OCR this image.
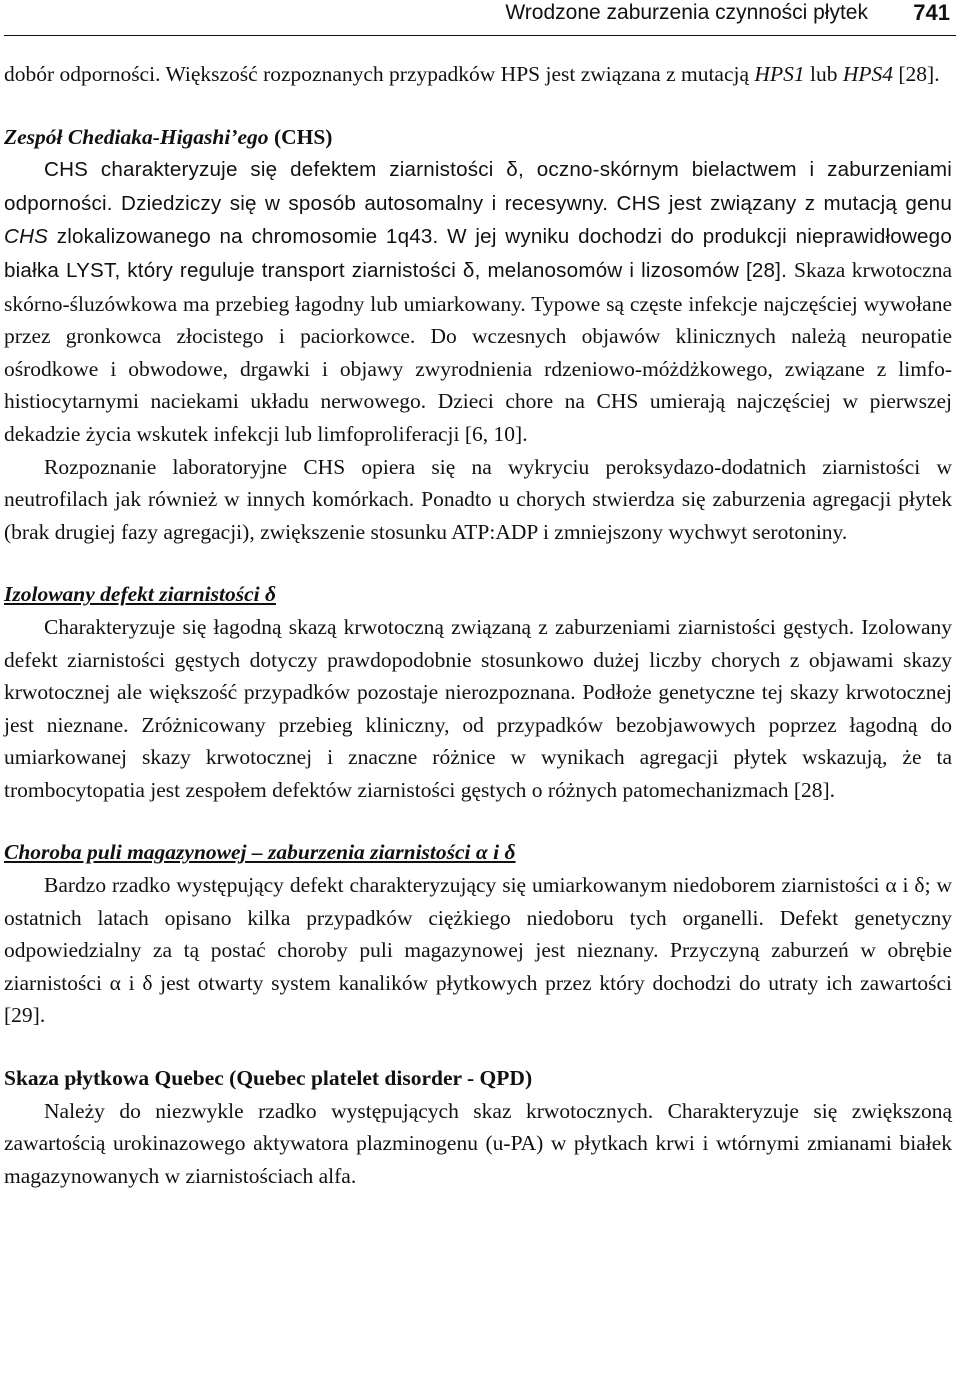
Wrodzone zaburzenia czynności płytek 741

dobór odporności. Większość rozpoznanych przypadków HPS jest związana z mutacją HPS1 lub HPS4 [28].

Zespół Chediaka-Higashi’ego (CHS)

CHS charakteryzuje się defektem ziarnistości δ, oczno-skórnym bielactwem i zaburzeniami odporności. Dziedziczy się w sposób autosomalny i recesywny. CHS jest związany z mutacją genu CHS zlokalizowanego na chromosomie 1q43. W jej wyniku dochodzi do produkcji nieprawidłowego białka LYST, który reguluje transport ziarnistości δ, melanosomów i lizosomów [28]. Skaza krwotoczna skórno-śluzówkowa ma przebieg łagodny lub umiarkowany. Typowe są częste infekcje najczęściej wywołane przez gronkowca złocistego i paciorkowce. Do wczesnych objawów klinicznych należą neuropatie ośrodkowe i obwodowe, drgawki i objawy zwyrodnienia rdzeniowo-móżdżkowego, związane z limfo-histiocytarnymi naciekami układu nerwowego. Dzieci chore na CHS umierają najczęściej w pierwszej dekadzie życia wskutek infekcji lub limfoproliferacji [6, 10].

Rozpoznanie laboratoryjne CHS opiera się na wykryciu peroksydazo-dodatnich ziarnistości w neutrofilach jak również w innych komórkach. Ponadto u chorych stwierdza się zaburzenia agregacji płytek (brak drugiej fazy agregacji), zwiększenie stosunku ATP:ADP i zmniejszony wychwyt serotoniny.

Izolowany defekt ziarnistości δ

Charakteryzuje się łagodną skazą krwotoczną związaną z zaburzeniami ziarnistości gęstych. Izolowany defekt ziarnistości gęstych dotyczy prawdopodobnie stosunkowo dużej liczby chorych z objawami skazy krwotocznej ale większość przypadków pozostaje nierozpoznana. Podłoże genetyczne tej skazy krwotocznej jest nieznane. Zróżnicowany przebieg kliniczny, od przypadków bezobjawowych poprzez łagodną do umiarkowanej skazy krwotocznej i znaczne różnice w wynikach agregacji płytek wskazują, że ta trombocytopatia jest zespołem defektów ziarnistości gęstych o różnych patomechanizmach [28].

Choroba puli magazynowej – zaburzenia ziarnistości α i δ

Bardzo rzadko występujący defekt charakteryzujący się umiarkowanym niedoborem ziarnistości α i δ; w ostatnich latach opisano kilka przypadków ciężkiego niedoboru tych organelli. Defekt genetyczny odpowiedzialny za tą postać choroby puli magazynowej jest nieznany. Przyczyną zaburzeń w obrębie ziarnistości α i δ jest otwarty system kanalików płytkowych przez który dochodzi do utraty ich zawartości [29].

Skaza płytkowa Quebec (Quebec platelet disorder - QPD)

Należy do niezwykle rzadko występujących skaz krwotocznych. Charakteryzuje się zwiększoną zawartością urokinazowego aktywatora plazminogenu (u-PA) w płytkach krwi i wtórnymi zmianami białek magazynowanych w ziarnistościach alfa.
